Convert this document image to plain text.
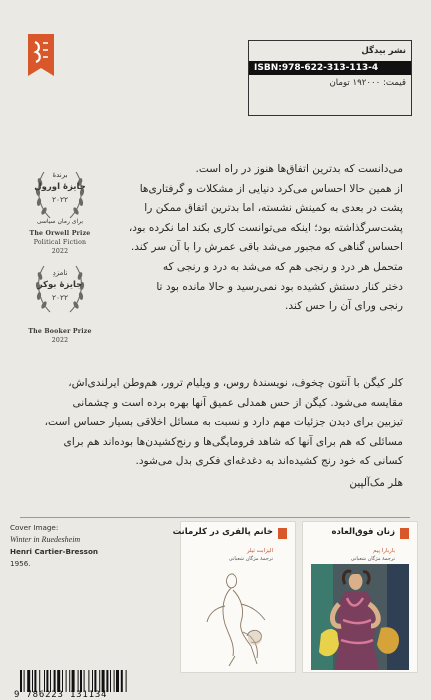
نشر بیدگل
ISBN:978-622-313-113-4
قیمت: ۱۹۲۰۰۰ تومان
برندهٔ
جایزهٔ اورول
۲۰۲۲
برای رمان سیاسی
The Orwell Prize
Political Fiction
2022
نامزدِ
جایزهٔ بوکر
۲۰۲۲
The Booker Prize
2022
می‌دانست که بدترین اتفاق‌ها هنوز در راه است.
از همین حالا احساس می‌کرد دنیایی از مشکلات و گرفتاری‌ها
پشت در بعدی به کمینش نشسته، اما بدترین اتفاق ممکن را
پشت‌سرگذاشته بود؛ اینکه می‌توانست کاری بکند اما نکرده بود،
احساس گناهی که مجبور می‌شد باقی عمرش را با آن سر کند.
متحمل هر درد و رنجی هم که می‌شد به درد و رنجی که
دختر کنار دستش کشیده بود نمی‌رسید و حالا مانده بود تا
رنجی ورای آن را حس کند.
کلر کیگن با آنتون چخوف، نویسندهٔ روس، و ویلیام ترور، هم‌وطن ایرلندی‌اش،
مقایسه می‌شود. کیگن از حس همدلی عمیق آنها بهره برده است و چشمانی
تیزبین برای دیدن جزئیات مهم دارد و نسبت به مسائل اخلاقی بسیار حساس است،
مسائلی که هم برای آنها که شاهد فرومایگی‌ها و رنج‌کشیدن‌ها بوده‌اند هم برای
کسانی که خود رنج کشیده‌اند به دغدغه‌ای فکری بدل می‌شود.
هلر مک‌آلپین
Cover Image:
Winter in Ruedesheim
Henri Cartier-Bresson
1956.
خانم پالفری در کلرمانت
الیزابت تیلر
ترجمهٔ مژگان شعبانی
زنان فوق‌العاده
باربارا پیم
ترجمهٔ مژگان شعبانی
9 786223 131134
